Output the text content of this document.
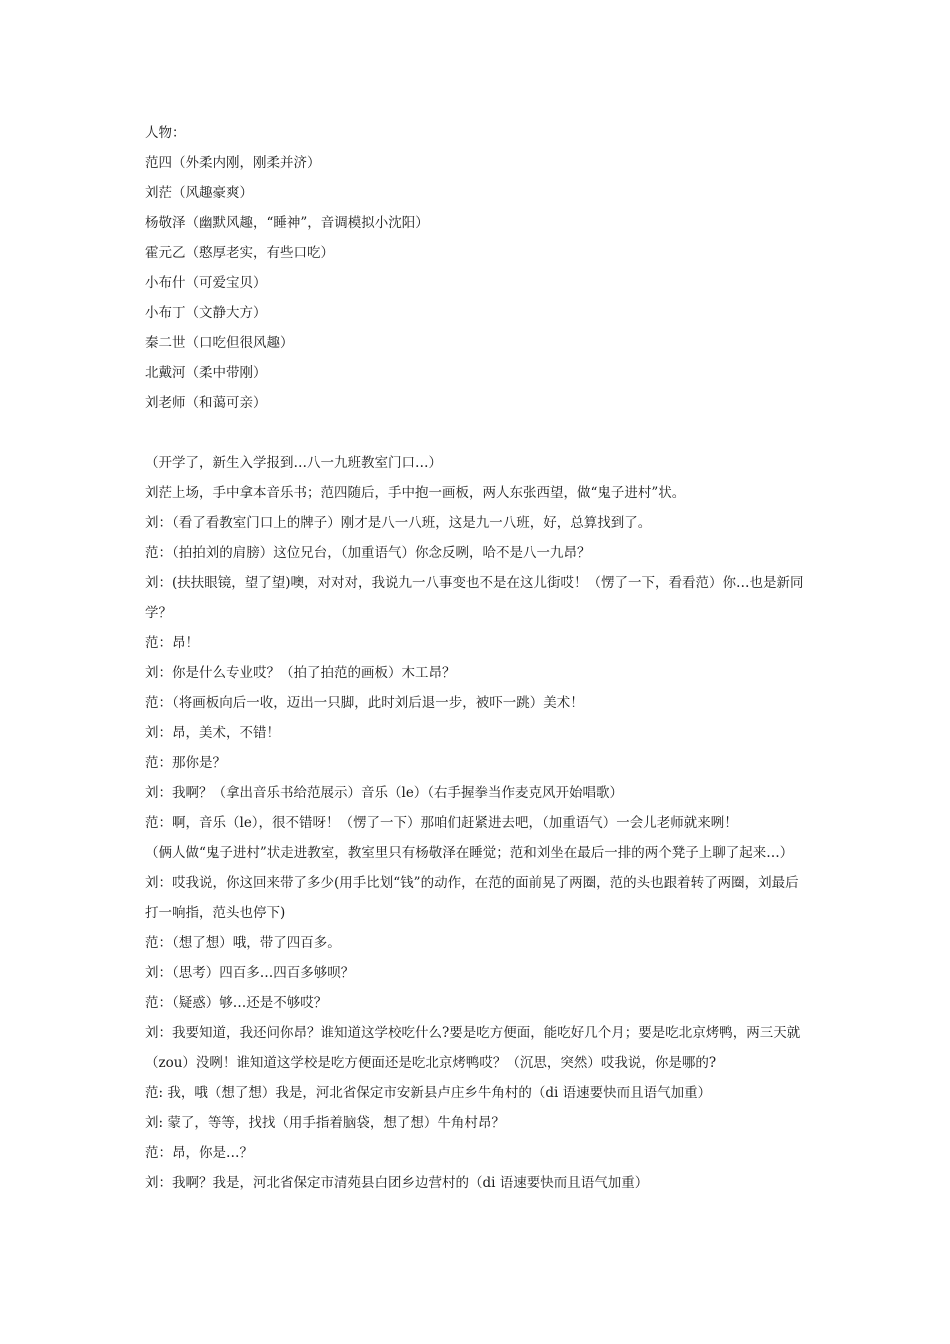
人物：

范四（外柔内刚，刚柔并济）

刘茫（风趣豪爽）

杨敬泽（幽默风趣，“睡神”，音调模拟小沈阳）

霍元乙（憨厚老实，有些口吃）

小布什（可爱宝贝）

小布丁（文静大方）

秦二世（口吃但很风趣）

北戴河（柔中带刚）

刘老师（和蔼可亲）

（开学了，新生入学报到…八一九班教室门口…）

刘茫上场，手中拿本音乐书；范四随后，手中抱一画板，两人东张西望，做“鬼子进村”状。

刘：（看了看教室门口上的牌子）刚才是八一八班，这是九一八班，好，总算找到了。

范：（拍拍刘的肩膀）这位兄台，（加重语气）你念反咧，哈不是八一九昂？

刘：(扶扶眼镜，望了望)噢，对对对，我说九一八事变也不是在这儿街哎！（愣了一下，看看范）你…也是新同学？

范：昂！

刘：你是什么专业哎？（拍了拍范的画板）木工昂？

范：（将画板向后一收，迈出一只脚，此时刘后退一步，被吓一跳）美术！

刘：昂，美术，不错！

范：那你是？

刘：我啊？（拿出音乐书给范展示）音乐（le）（右手握拳当作麦克风开始唱歌）

范：啊，音乐（le），很不错呀！（愣了一下）那咱们赶紧进去吧，（加重语气）一会儿老师就来咧！

（俩人做“鬼子进村”状走进教室，教室里只有杨敬泽在睡觉；范和刘坐在最后一排的两个凳子上聊了起来…）

刘：哎我说，你这回来带了多少(用手比划“钱”的动作，在范的面前晃了两圈，范的头也跟着转了两圈，刘最后打一响指，范头也停下)

范：（想了想）哦，带了四百多。

刘：（思考）四百多…四百多够呗？

范：（疑惑）够…还是不够哎？

刘：我要知道，我还问你昂？谁知道这学校吃什么?要是吃方便面，能吃好几个月；要是吃北京烤鸭，两三天就（zou）没咧！谁知道这学校是吃方便面还是吃北京烤鸭哎？（沉思，突然）哎我说，你是哪的?

范: 我，哦（想了想）我是，河北省保定市安新县卢庄乡牛角村的（di 语速要快而且语气加重）

刘: 蒙了，等等，找找（用手指着脑袋，想了想）牛角村昂？

范：昂，你是…？

刘：我啊？我是，河北省保定市清苑县白团乡边营村的（di 语速要快而且语气加重）
